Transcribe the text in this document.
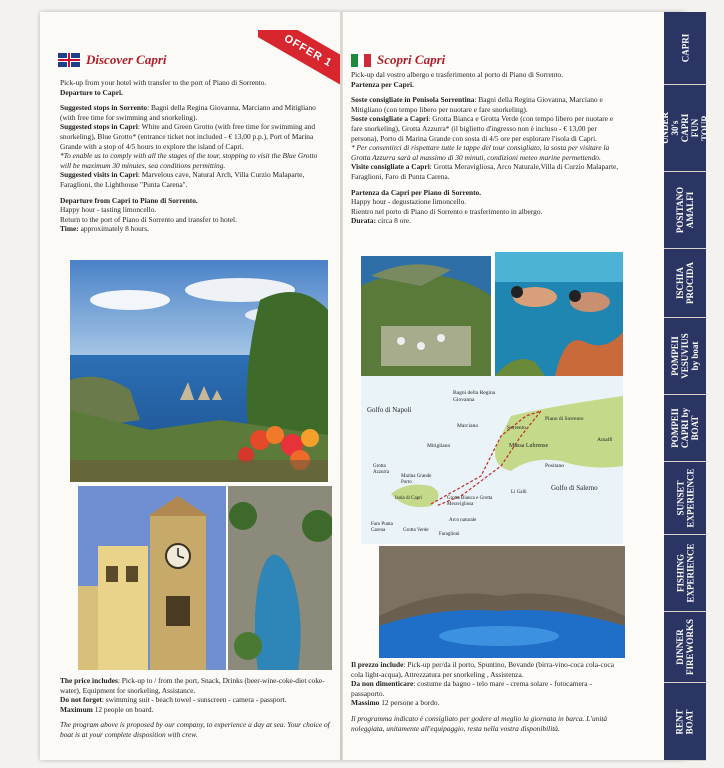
Discover Capri	OFFER 1

Pick-up from your hotel with transfer to the port of Piano di Sorrento.
Departure to Capri.

Suggested stops in Sorrento: Bagni della Regina Giovanna, Marciano and Mitigliano (with free time for swimming and snorkeling).
Suggested stops in Capri: White and Green Grotto (with free time for swimming and snorkeling), Blue Grotto* (entrance ticket not included - € 13,00 p.p.), Port of Marina Grande with a stop of 4/5 hours to explore the island of Capri.
*To enable us to comply with all the stages of the tour, stopping to visit the Blue Grotto will be maximum 30 minutes, sea conditions permitting.
Suggested visits in Capri: Marvelous cave, Natural Arch, Villa Curzio Malaparte, Faraglioni, the Lighthouse "Punta Carena".

Departure from Capri to Piano di Sorrento.
Happy hour - tasting limoncello.
Return to the port of Piano di Sorrento and transfer to hotel.
Time: approximately 8 hours.

The price includes: Pick-up to / from the port, Snack, Drinks (beer-wine-coke-diet coke-water), Equipment for snorkeling, Assistance.
Do not forget: swimming suit - beach towel - sunscreen - camera - passport.
Maximum 12 people on board.

The program above is proposed by our company, to experience a day at sea. Your choice of boat is at your complete disposition with crew.

Scopri Capri

Pick-up dal vostro albergo e trasferimento al porto di Piano di Sorrento.
Partenza per Capri.

Soste consigliate in Penisola Sorrentina: Bagni della Regina Giovanna, Marciano e Mitigliano (con tempo libero per nuotare e fare snorkeling).
Soste consigliate a Capri: Grotta Bianca e Grotta Verde (con tempo libero per nuotare e fare snorkeling), Grotta Azzurra* (il biglietto d'ingresso non è incluso - € 13,00 per persona), Porto di Marina Grande con sosta di 4/5 ore per esplorare l'isola di Capri.
* Per consentirci di rispettare tutte le tappe del tour consigliato, la sosta per visitare la Grotta Azzurra sarà al massimo di 30 minuti, condizioni meteo marine permettendo.
Visite consigliate a Capri: Grotta Meravigliosa, Arco Naturale,Villa di Curzio Malaparte, Faraglioni, Faro di Punta Carena.

Partenza da Capri per Piano di Sorrento.
Happy hour - degustazione limoncello.
Rientro nel porto di Piano di Sorrento e trasferimento in albergo.
Durata: circa 8 ore.

Golfo di Napoli
Golfo di Salerno
Bagni della Regina Giovanna
Marciano	Sorrento
Piano di Sorrento
Mitigliano	Massa Lubrense
Amalfi
Positano
Grotta Azzurra
Marina Grande Porto
Isola di Capri	Grotta Bianca e Grotta Meravigliosa
Arco naturale
Li Galli
Faro Punta Carena	Grotta Verde
Faraglioni

Il prezzo include: Pick-up per/da il porto, Spuntino, Bevande (birra-vino-coca cola-coca cola light-acqua), Attrezzatura per snorkeling , Assistenza.
Da non dimenticare: costume da bagno - telo mare - crema solare - fotocamera - passaporto.
Massimo 12 persone a bordo.

Il programma indicato è consigliato per godere al meglio la giornata in barca. L'unità noleggiata, unitamente all'equipaggio, resta nella vostra disponibilità.

CAPRI
UNDER 30's
CAPRI
FUN TOUR
POSITANO
AMALFI
ISCHIA
PROCIDA
POMPEII
VESUVIUS
by boat
POMPEII
CAPRI by
BOAT
SUNSET
EXPERIENCE
FISHING
EXPERIENCE
DINNER
FIREWORKS
RENT
BOAT
